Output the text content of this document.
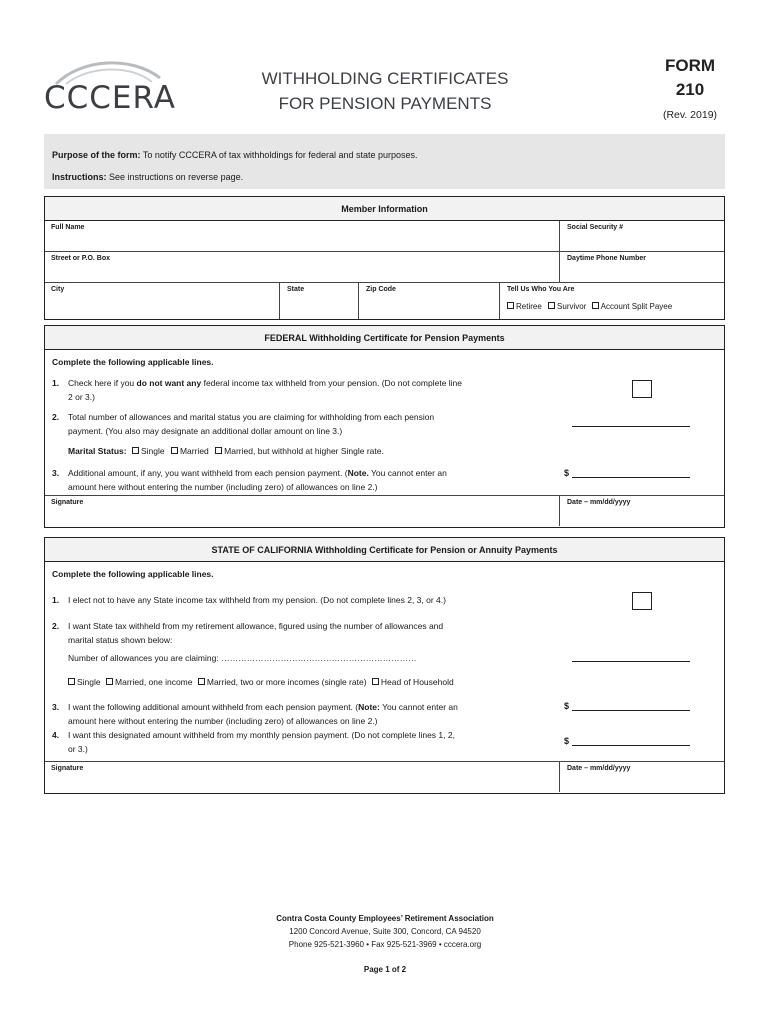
CCCERA
WITHHOLDING CERTIFICATES
FOR PENSION PAYMENTS
FORM
210
(Rev. 2019)
Purpose of the form: To notify CCCERA of tax withholdings for federal and state purposes.
Instructions: See instructions on reverse page.
Member Information
Full Name	Social Security #
Street or P.O. Box	Daytime Phone Number
City	State	Zip Code	Tell Us Who You Are
Retiree Survivor Account Split Payee
FEDERAL Withholding Certificate for Pension Payments
Complete the following applicable lines.
1. Check here if you do not want any federal income tax withheld from your pension. (Do not complete line
2 or 3.)
2. Total number of allowances and marital status you are claiming for withholding from each pension
payment. (You also may designate an additional dollar amount on line 3.)
Marital Status: Single Married Married, but withhold at higher Single rate.
3. Additional amount, if any, you want withheld from each pension payment. (Note. You cannot enter an
amount here without entering the number (including zero) of allowances on line 2.)
$
Signature	Date – mm/dd/yyyy
STATE OF CALIFORNIA Withholding Certificate for Pension or Annuity Payments
Complete the following applicable lines.
1. I elect not to have any State income tax withheld from my pension. (Do not complete lines 2, 3, or 4.)
2. I want State tax withheld from my retirement allowance, figured using the number of allowances and
marital status shown below:
Number of allowances you are claiming: ……………………………………………………………
Single Married, one income Married, two or more incomes (single rate) Head of Household
3. I want the following additional amount withheld from each pension payment. (Note: You cannot enter an
amount here without entering the number (including zero) of allowances on line 2.)
$
4. I want this designated amount withheld from my monthly pension payment. (Do not complete lines 1, 2,
or 3.)
$
Signature	Date – mm/dd/yyyy
Contra Costa County Employees’ Retirement Association
1200 Concord Avenue, Suite 300, Concord, CA 94520
Phone 925-521-3960 • Fax 925-521-3969 • cccera.org
Page 1 of 2
